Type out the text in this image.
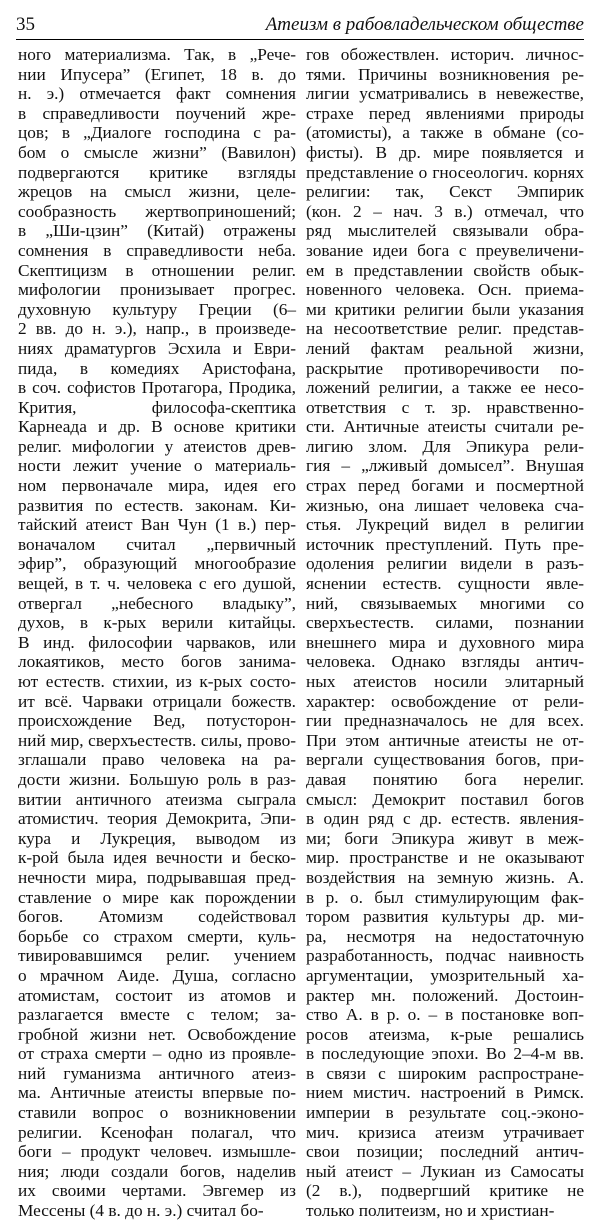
35	Атеизм в рабовладельческом обществе
ного материализма. Так, в „Рече-
нии Ипусера” (Египет, 18 в. до
н. э.) отмечается факт сомнения
в справедливости поучений жре-
цов; в „Диалоге господина с ра-
бом о смысле жизни” (Вавилон)
подвергаются критике взгляды
жрецов на смысл жизни, целе-
сообразность жертвоприношений;
в „Ши-цзин” (Китай) отражены
сомнения в справедливости неба.
Скептицизм в отношении религ.
мифологии пронизывает прогрес.
духовную культуру Греции (6–
2 вв. до н. э.), напр., в произведе-
ниях драматургов Эсхила и Еври-
пида, в комедиях Аристофана,
в соч. софистов Протагора, Продика,
Крития, философа-скептика
Карнеада и др. В основе критики
религ. мифологии у атеистов древ-
ности лежит учение о материаль-
ном первоначале мира, идея его
развития по естеств. законам. Ки-
тайский атеист Ван Чун (1 в.) пер-
воначалом считал „первичный
эфир”, образующий многообразие
вещей, в т. ч. человека с его душой,
отвергал „небесного владыку”,
духов, в к-рых верили китайцы.
В инд. философии чарваков, или
локаятиков, место богов занима-
ют естеств. стихии, из к-рых состо-
ит всё. Чарваки отрицали божеств.
происхождение Вед, потусторон-
ний мир, сверхъестеств. силы, прово-
зглашали право человека на ра-
дости жизни. Большую роль в раз-
витии античного атеизма сыграла
атомистич. теория Демокрита, Эпи-
кура и Лукреция, выводом из
к-рой была идея вечности и беско-
нечности мира, подрывавшая пред-
ставление о мире как порождении
богов. Атомизм содействовал
борьбе со страхом смерти, куль-
тивировавшимся религ. учением
о мрачном Аиде. Душа, согласно
атомистам, состоит из атомов и
разлагается вместе с телом; за-
гробной жизни нет. Освобождение
от страха смерти – одно из проявле-
ний гуманизма античного атеиз-
ма. Античные атеисты впервые по-
ставили вопрос о возникновении
религии. Ксенофан полагал, что
боги – продукт человеч. измышле-
ния; люди создали богов, наделив
их своими чертами. Эвгемер из
Мессены (4 в. до н. э.) считал бо-
гов обожествлен. историч. личнос-
тями. Причины возникновения ре-
лигии усматривались в невежестве,
страхе перед явлениями природы
(атомисты), а также в обмане (со-
фисты). В др. мире появляется и
представление о гносеологич. корнях
религии: так, Секст Эмпирик
(кон. 2 – нач. 3 в.) отмечал, что
ряд мыслителей связывали обра-
зование идеи бога с преувеличени-
ем в представлении свойств обык-
новенного человека. Осн. приема-
ми критики религии были указания
на несоответствие религ. представ-
лений фактам реальной жизни,
раскрытие противоречивости по-
ложений религии, а также ее несо-
ответствия с т. зр. нравственно-
сти. Античные атеисты считали ре-
лигию злом. Для Эпикура рели-
гия – „лживый домысел”. Внушая
страх перед богами и посмертной
жизнью, она лишает человека сча-
стья. Лукреций видел в религии
источник преступлений. Путь пре-
одоления религии видели в разъ-
яснении естеств. сущности явле-
ний, связываемых многими со
сверхъестеств. силами, познании
внешнего мира и духовного мира
человека. Однако взгляды антич-
ных атеистов носили элитарный
характер: освобождение от рели-
гии предназначалось не для всех.
При этом античные атеисты не от-
вергали существования богов, при-
давая понятию бога нерелиг.
смысл: Демокрит поставил богов
в один ряд с др. естеств. явления-
ми; боги Эпикура живут в меж-
мир. пространстве и не оказывают
воздействия на земную жизнь. А.
в р. о. был стимулирующим фак-
тором развития культуры др. ми-
ра, несмотря на недостаточную
разработанность, подчас наивность
аргументации, умозрительный ха-
рактер мн. положений. Достоин-
ство А. в р. о. – в постановке воп-
росов атеизма, к-рые решались
в последующие эпохи. Во 2–4-м вв.
в связи с широким распростране-
нием мистич. настроений в Римск.
империи в результате соц.-эконо-
мич. кризиса атеизм утрачивает
свои позиции; последний антич-
ный атеист – Лукиан из Самосаты
(2 в.), подвергший критике не
только политеизм, но и христиан-
